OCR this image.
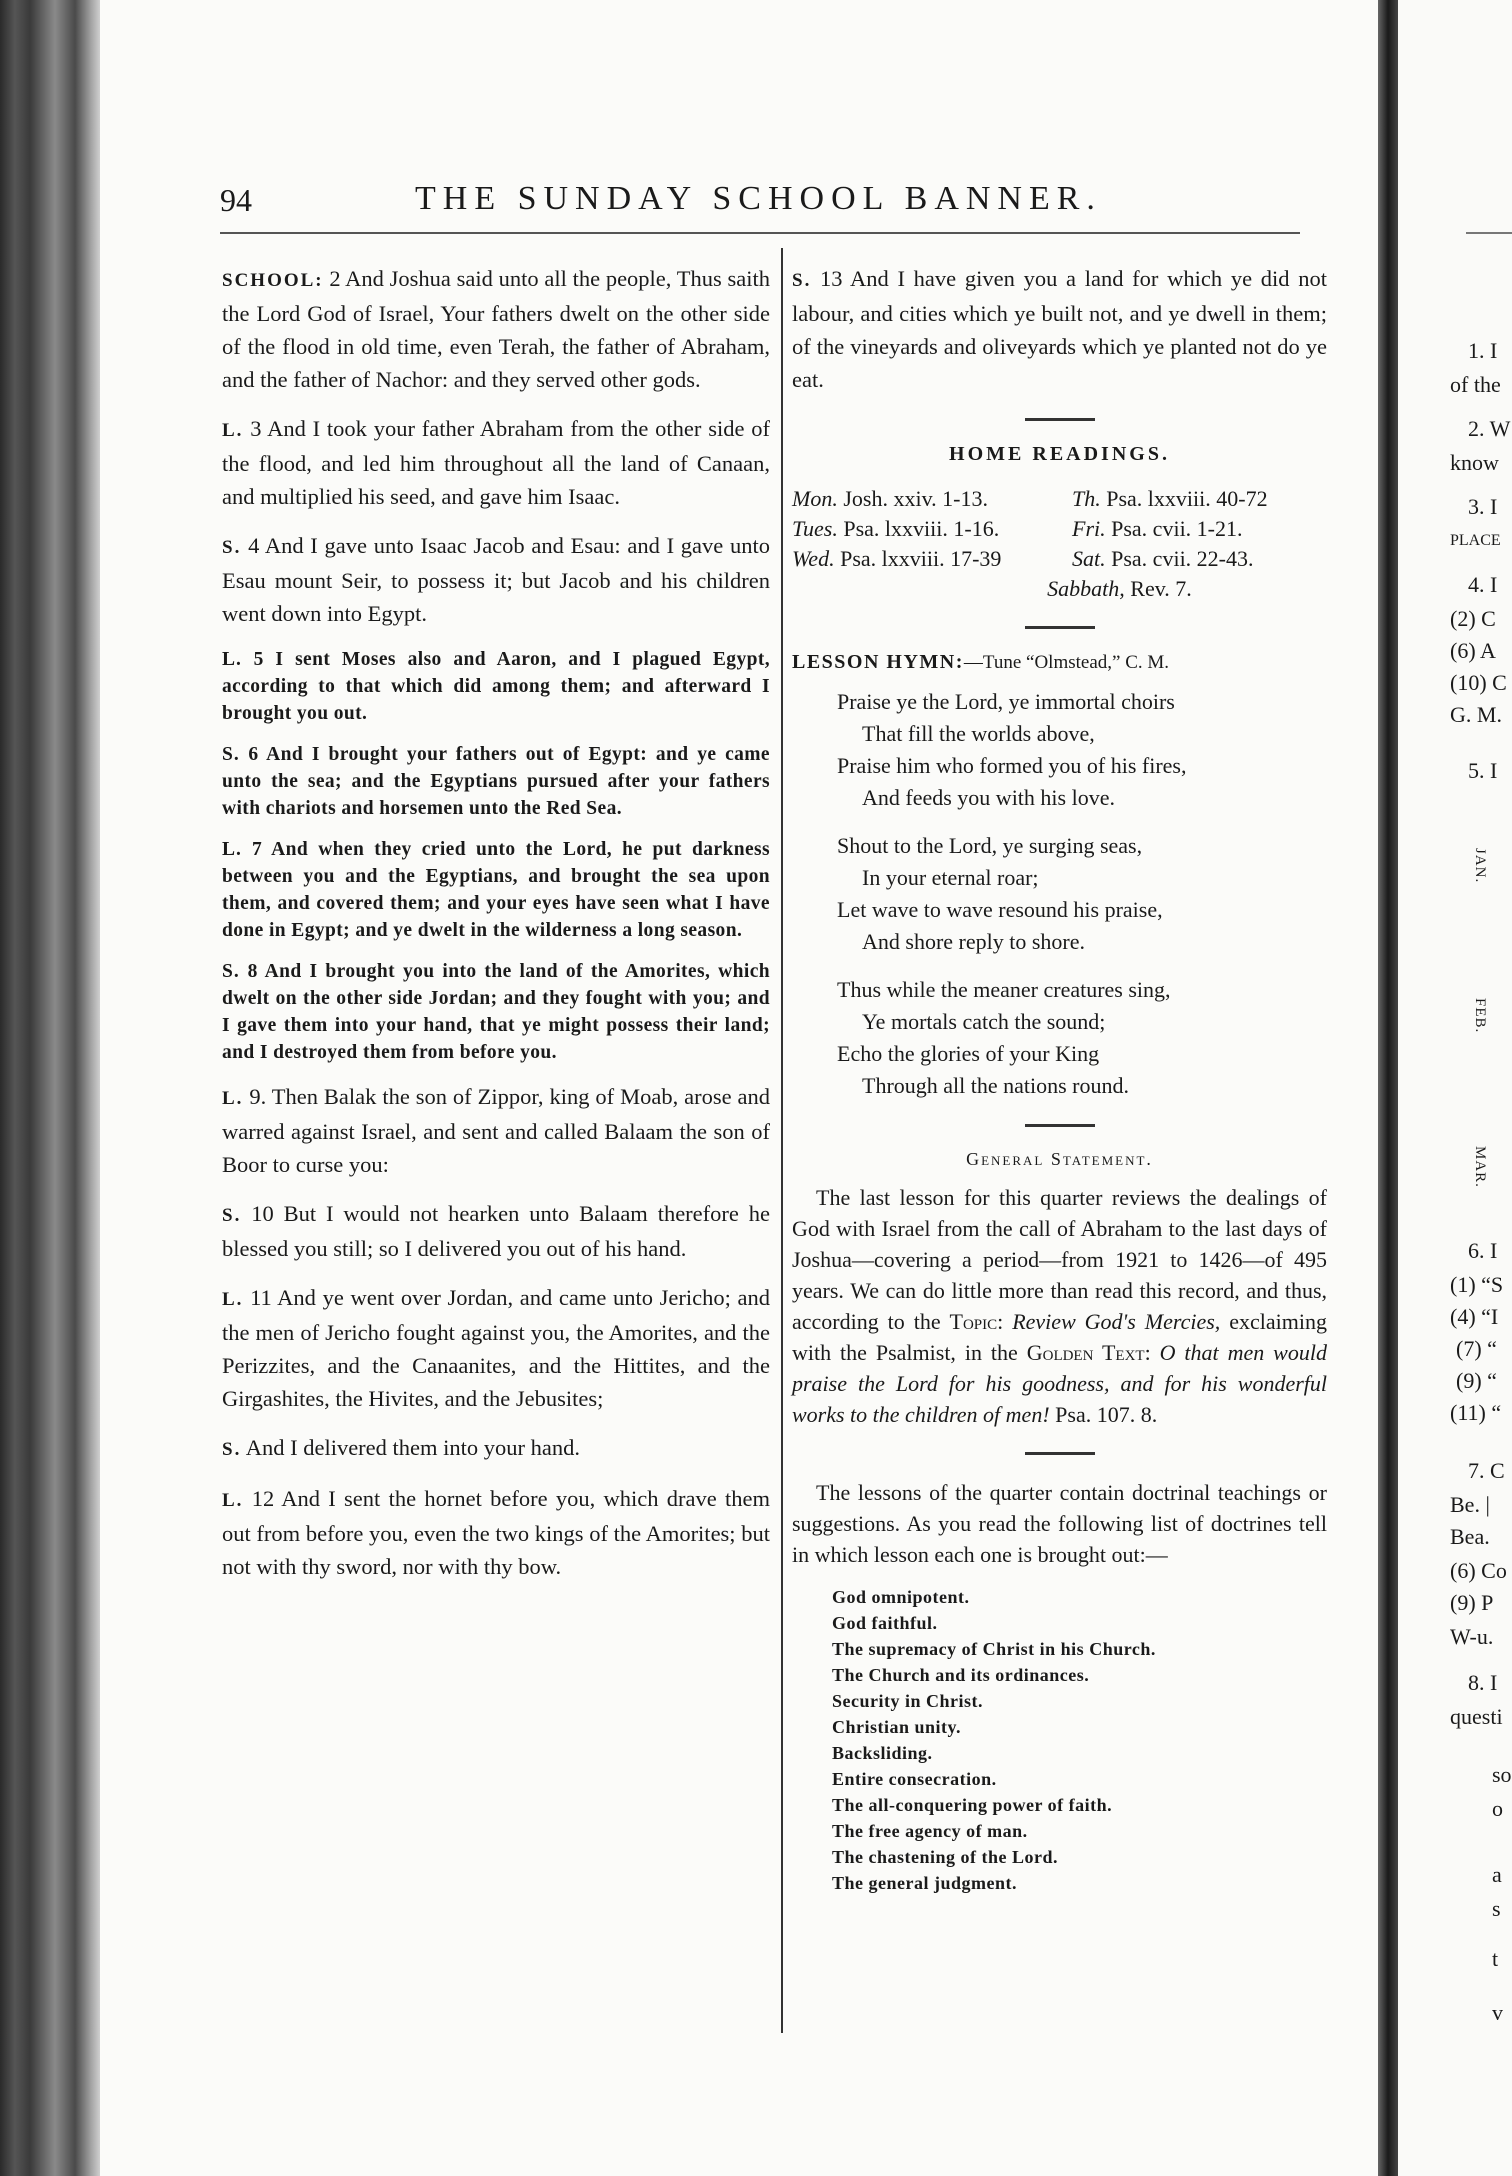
94	THE SUNDAY SCHOOL BANNER.

SCHOOL: 2 And Joshua said unto all the people, Thus saith the Lord God of Israel, Your fathers dwelt on the other side of the flood in old time, even Terah, the father of Abraham, and the father of Nachor: and they served other gods.

L. 3 And I took your father Abraham from the other side of the flood, and led him throughout all the land of Canaan, and multiplied his seed, and gave him Isaac.

S. 4 And I gave unto Isaac Jacob and Esau: and I gave unto Esau mount Seir, to possess it; but Jacob and his children went down into Egypt.

L. 5 I sent Moses also and Aaron, and I plagued Egypt, according to that which did among them; and afterward I brought you out.

S. 6 And I brought your fathers out of Egypt: and ye came unto the sea; and the Egyptians pursued after your fathers with chariots and horsemen unto the Red Sea.

L. 7 And when they cried unto the Lord, he put darkness between you and the Egyptians, and brought the sea upon them, and covered them; and your eyes have seen what I have done in Egypt; and ye dwelt in the wilderness a long season.

S. 8 And I brought you into the land of the Amorites, which dwelt on the other side Jordan; and they fought with you; and I gave them into your hand, that ye might possess their land; and I destroyed them from before you.

L. 9. Then Balak the son of Zippor, king of Moab, arose and warred against Israel, and sent and called Balaam the son of Boor to curse you:

S. 10 But I would not hearken unto Balaam therefore he blessed you still; so I delivered you out of his hand.

L. 11 And ye went over Jordan, and came unto Jericho; and the men of Jericho fought against you, the Amorites, and the Perizzites, and the Canaanites, and the Hittites, and the Girgashites, the Hivites, and the Jebusites;

S. And I delivered them into your hand.

L. 12 And I sent the hornet before you, which drave them out from before you, even the two kings of the Amorites; but not with thy sword, nor with thy bow.

S. 13 And I have given you a land for which ye did not labour, and cities which ye built not, and ye dwell in them; of the vineyards and oliveyards which ye planted not do ye eat.

HOME READINGS.
Mon. Josh. xxiv. 1-13.	Th. Psa. lxxviii. 40-72
Tues. Psa. lxxviii. 1-16.	Fri. Psa. cvii. 1-21.
Wed. Psa. lxxviii. 17-39	Sat. Psa. cvii. 22-43.
Sabbath, Rev. 7.

LESSON HYMN:—Tune “Olmstead,” C. M.

Praise ye the Lord, ye immortal choirs
That fill the worlds above,
Praise him who formed you of his fires,
And feeds you with his love.
Shout to the Lord, ye surging seas,
In your eternal roar;
Let wave to wave resound his praise,
And shore reply to shore.
Thus while the meaner creatures sing,
Ye mortals catch the sound;
Echo the glories of your King
Through all the nations round.
General Statement.

The last lesson for this quarter reviews the dealings of God with Israel from the call of Abraham to the last days of Joshua—covering a period—from 1921 to 1426—of 495 years. We can do little more than read this record, and thus, according to the Topic: Review God's Mercies, exclaiming with the Psalmist, in the Golden Text: O that men would praise the Lord for his goodness, and for his wonderful works to the children of men! Psa. 107. 8.

The lessons of the quarter contain doctrinal teachings or suggestions. As you read the following list of doctrines tell in which lesson each one is brought out:—

God omnipotent.
God faithful.
The supremacy of Christ in his Church.
The Church and its ordinances.
Security in Christ.
Christian unity.
Backsliding.
Entire consecration.
The all-conquering power of faith.
The free agency of man.
The chastening of the Lord.
The general judgment.
1. I
of the
2. W
know
3. I
PLACE
4. I
(2) C
(6) A
(10) C
G. M.
5. I
JAN.
FEB.
MAR.
6. I
(1) “S
(4) “I
(7) “
(9) “
(11) “
7. C
Be. |
Bea.
(6) Co
(9) P
W-u.
8. I
questi
so
o
a
s
t
v
